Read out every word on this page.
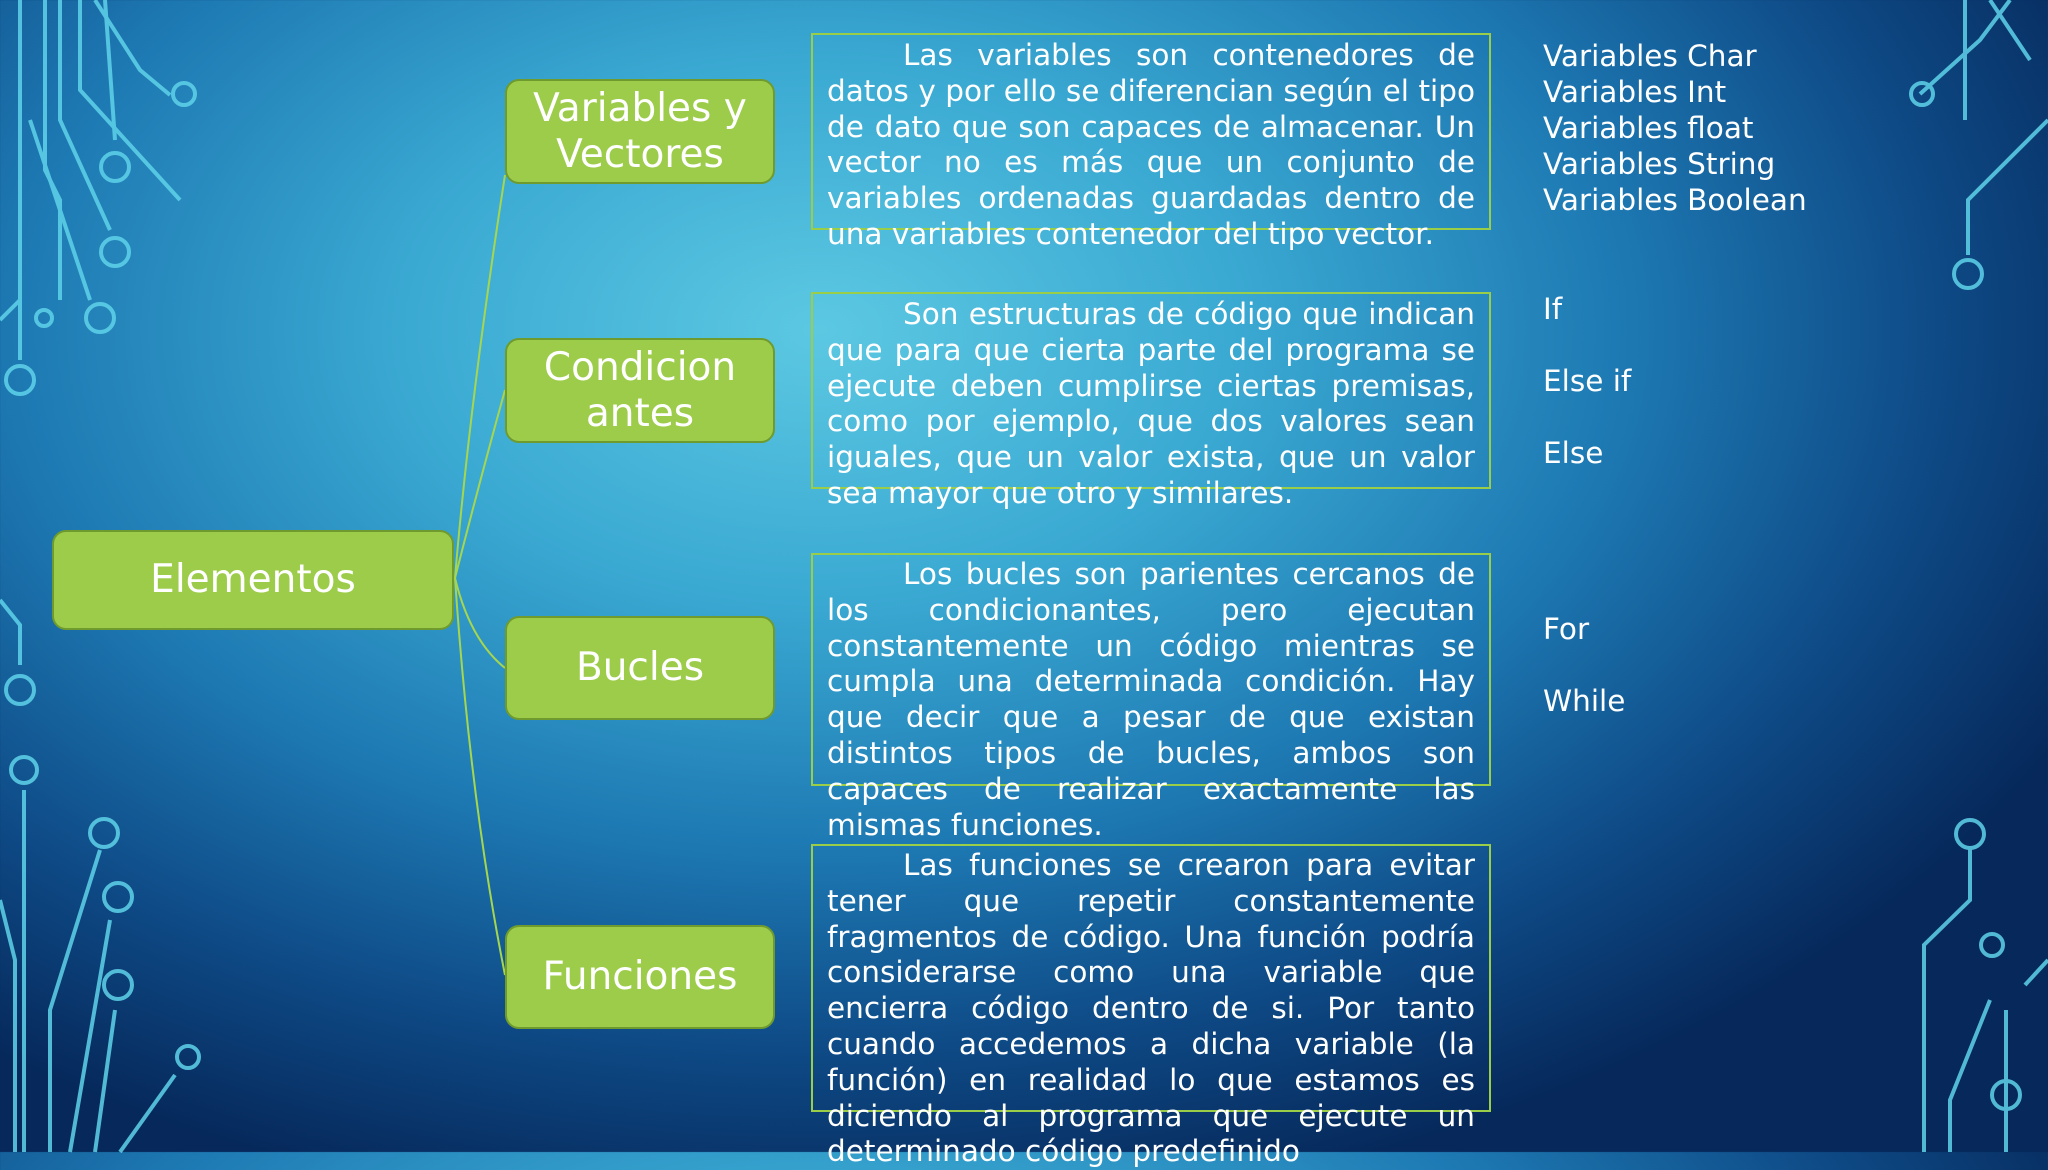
Elementos
Variables y Vectores
Condicionantes
Bucles
Funciones

Las variables son contenedores de datos y por ello se diferencian según el tipo de dato que son capaces de almacenar. Un vector no es más que un conjunto de variables ordenadas guardadas dentro de una variables contenedor del tipo vector.

Son estructuras de código que indican que para que cierta parte del programa se ejecute deben cumplirse ciertas premisas, como por ejemplo, que dos valores sean iguales, que un valor exista, que un valor sea mayor que otro y similares.

Los bucles son parientes cercanos de los condicionantes, pero ejecutan constantemente un código mientras se cumpla una determinada condición. Hay que decir que a pesar de que existan distintos tipos de bucles, ambos son capaces de realizar exactamente las mismas funciones.

Las funciones se crearon para evitar tener que repetir constantemente fragmentos de código. Una función podría considerarse como una variable que encierra código dentro de si. Por tanto cuando accedemos a dicha variable (la función) en realidad lo que estamos es diciendo al programa que ejecute un determinado código predefinido

Variables Char
Variables Int
Variables float
Variables String
Variables Boolean
If
Else if
Else
For
While
